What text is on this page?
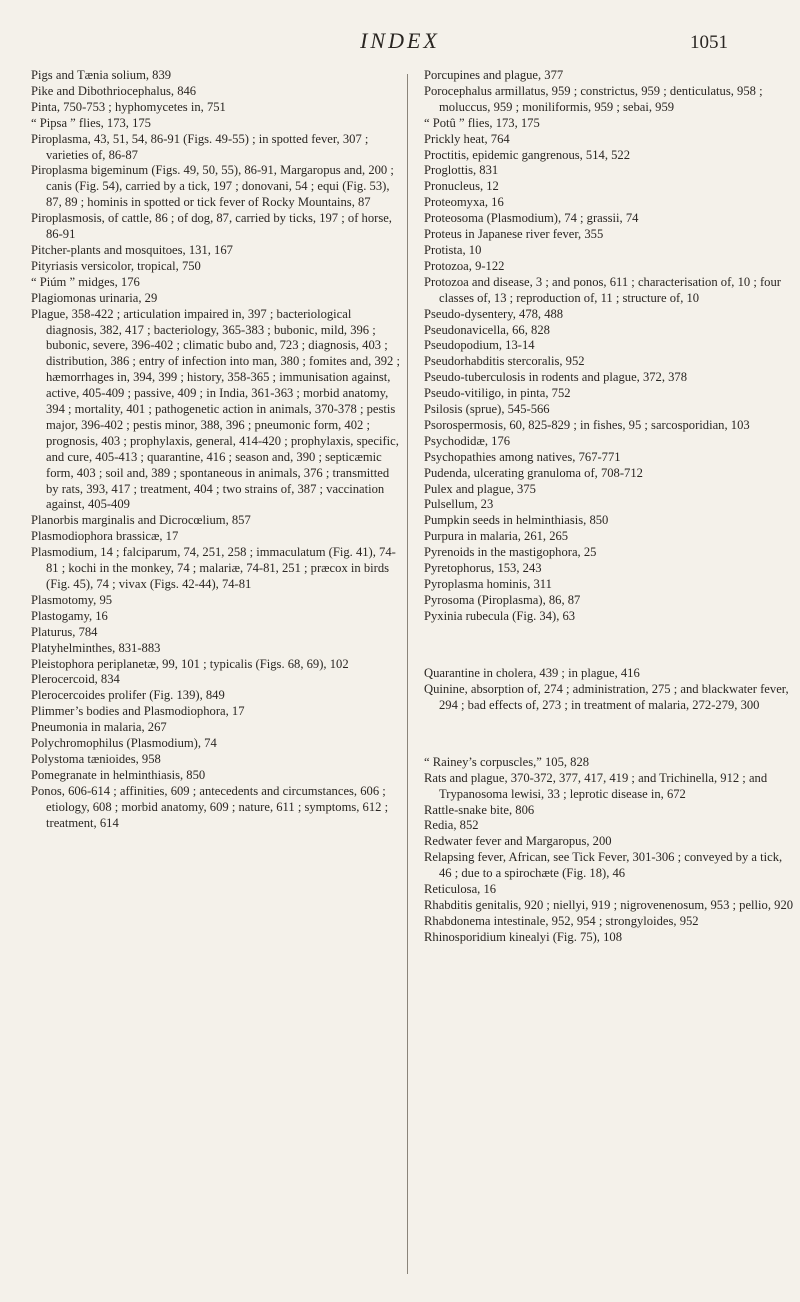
INDEX	1051

Pigs and Tænia solium, 839

Pike and Dibothriocephalus, 846

Pinta, 750-753 ; hyphomycetes in, 751

“ Pipsa ” flies, 173, 175

Piroplasma, 43, 51, 54, 86-91 (Figs. 49-55) ; in spotted fever, 307 ; varieties of, 86-87

Piroplasma bigeminum (Figs. 49, 50, 55), 86-91, Margaropus and, 200 ; canis (Fig. 54), carried by a tick, 197 ; donovani, 54 ; equi (Fig. 53), 87, 89 ; hominis in spotted or tick fever of Rocky Mountains, 87

Piroplasmosis, of cattle, 86 ; of dog, 87, carried by ticks, 197 ; of horse, 86-91

Pitcher-plants and mosquitoes, 131, 167

Pityriasis versicolor, tropical, 750

“ Piúm ” midges, 176

Plagiomonas urinaria, 29

Plague, 358-422 ; articulation impaired in, 397 ; bacteriological diagnosis, 382, 417 ; bacteriology, 365-383 ; bubonic, mild, 396 ; bubonic, severe, 396-402 ; climatic bubo and, 723 ; diagnosis, 403 ; distribution, 386 ; entry of infection into man, 380 ; fomites and, 392 ; hæmorrhages in, 394, 399 ; history, 358-365 ; immunisation against, active, 405-409 ; passive, 409 ; in India, 361-363 ; morbid anatomy, 394 ; mortality, 401 ; pathogenetic action in animals, 370-378 ; pestis major, 396-402 ; pestis minor, 388, 396 ; pneumonic form, 402 ; prognosis, 403 ; prophylaxis, general, 414-420 ; prophylaxis, specific, and cure, 405-413 ; quarantine, 416 ; season and, 390 ; septicæmic form, 403 ; soil and, 389 ; spontaneous in animals, 376 ; transmitted by rats, 393, 417 ; treatment, 404 ; two strains of, 387 ; vaccination against, 405-409

Planorbis marginalis and Dicrocœlium, 857

Plasmodiophora brassicæ, 17

Plasmodium, 14 ; falciparum, 74, 251, 258 ; immaculatum (Fig. 41), 74-81 ; kochi in the monkey, 74 ; malariæ, 74-81, 251 ; præcox in birds (Fig. 45), 74 ; vivax (Figs. 42-44), 74-81

Plasmotomy, 95

Plastogamy, 16

Platurus, 784

Platyhelminthes, 831-883

Pleistophora periplanetæ, 99, 101 ; typicalis (Figs. 68, 69), 102

Plerocercoid, 834

Plerocercoides prolifer (Fig. 139), 849

Plimmer’s bodies and Plasmodiophora, 17

Pneumonia in malaria, 267

Polychromophilus (Plasmodium), 74

Polystoma tænioides, 958

Pomegranate in helminthiasis, 850

Ponos, 606-614 ; affinities, 609 ; antecedents and circumstances, 606 ; etiology, 608 ; morbid anatomy, 609 ; nature, 611 ; symptoms, 612 ; treatment, 614

Porcupines and plague, 377

Porocephalus armillatus, 959 ; constrictus, 959 ; denticulatus, 958 ; moluccus, 959 ; moniliformis, 959 ; sebai, 959

“ Potû ” flies, 173, 175

Prickly heat, 764

Proctitis, epidemic gangrenous, 514, 522

Proglottis, 831

Pronucleus, 12

Proteomyxa, 16

Proteosoma (Plasmodium), 74 ; grassii, 74

Proteus in Japanese river fever, 355

Protista, 10

Protozoa, 9-122

Protozoa and disease, 3 ; and ponos, 611 ; characterisation of, 10 ; four classes of, 13 ; reproduction of, 11 ; structure of, 10

Pseudo-dysentery, 478, 488

Pseudonavicella, 66, 828

Pseudopodium, 13-14

Pseudorhabditis stercoralis, 952

Pseudo-tuberculosis in rodents and plague, 372, 378

Pseudo-vitiligo, in pinta, 752

Psilosis (sprue), 545-566

Psorospermosis, 60, 825-829 ; in fishes, 95 ; sarcosporidian, 103

Psychodidæ, 176

Psychopathies among natives, 767-771

Pudenda, ulcerating granuloma of, 708-712

Pulex and plague, 375

Pulsellum, 23

Pumpkin seeds in helminthiasis, 850

Purpura in malaria, 261, 265

Pyrenoids in the mastigophora, 25

Pyretophorus, 153, 243

Pyroplasma hominis, 311

Pyrosoma (Piroplasma), 86, 87

Pyxinia rubecula (Fig. 34), 63

Quarantine in cholera, 439 ; in plague, 416

Quinine, absorption of, 274 ; administration, 275 ; and blackwater fever, 294 ; bad effects of, 273 ; in treatment of malaria, 272-279, 300

“ Rainey’s corpuscles,” 105, 828

Rats and plague, 370-372, 377, 417, 419 ; and Trichinella, 912 ; and Trypanosoma lewisi, 33 ; leprotic disease in, 672

Rattle-snake bite, 806

Redia, 852

Redwater fever and Margaropus, 200

Relapsing fever, African, see Tick Fever, 301-306 ; conveyed by a tick, 46 ; due to a spirochæte (Fig. 18), 46

Reticulosa, 16

Rhabditis genitalis, 920 ; niellyi, 919 ; nigrovenenosum, 953 ; pellio, 920

Rhabdonema intestinale, 952, 954 ; strongyloides, 952

Rhinosporidium kinealyi (Fig. 75), 108
